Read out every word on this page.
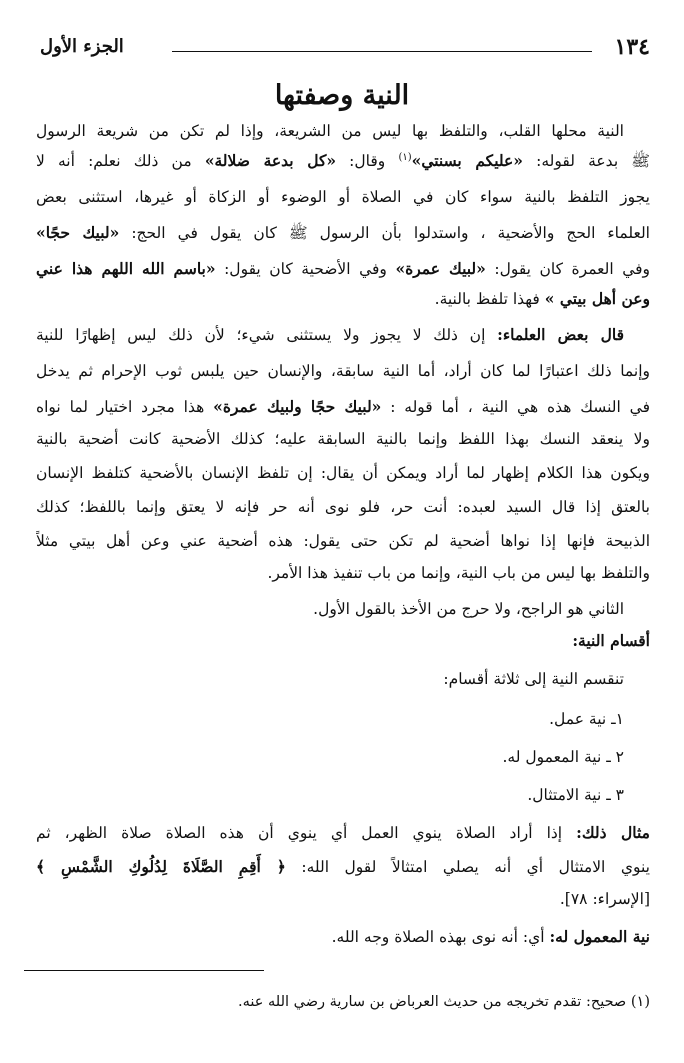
١٣٤
الجزء الأول
النية وصفتها
النية محلها القلب، والتلفظ بها ليس من الشريعة، وإذا لم تكن من شريعة الرسول
ﷺ بدعة لقوله: «عليكم بسنتي»$^{(١)}$ وقال: «كل بدعة ضلالة» من ذلك نعلم: أنه لا
يجوز التلفظ بالنية سواء كان في الصلاة أو الوضوء أو الزكاة أو غيرها، استثنى بعض
العلماء الحج والأضحية ، واستدلوا بأن الرسول ﷺ كان يقول في الحج: «لبيك حجًا»
وفي العمرة كان يقول: «لبيك عمرة» وفي الأضحية كان يقول: «باسم الله اللهم هذا عني
وعن أهل بيتي » فهذا تلفظ بالنية.
قال بعض العلماء: إن ذلك لا يجوز ولا يستثنى شيء؛ لأن ذلك ليس إظهارًا للنية
وإنما ذلك اعتبارًا لما كان أراد، أما النية سابقة، والإنسان حين يلبس ثوب الإحرام ثم يدخل
في النسك هذه هي النية ، أما قوله : «لبيك حجًا ولبيك عمرة» هذا مجرد اختيار لما نواه
ولا ينعقد النسك بهذا اللفظ وإنما بالنية السابقة عليه؛ كذلك الأضحية كانت أضحية بالنية
ويكون هذا الكلام إظهار لما أراد ويمكن أن يقال: إن تلفظ الإنسان بالأضحية كتلفظ الإنسان
بالعتق إذا قال السيد لعبده: أنت حر، فلو نوى أنه حر فإنه لا يعتق وإنما باللفظ؛ كذلك
الذبيحة فإنها إذا نواها أضحية لم تكن حتى يقول: هذه أضحية عني وعن أهل بيتي مثلاً
والتلفظ بها ليس من باب النية، وإنما من باب تنفيذ هذا الأمر.
الثاني هو الراجح، ولا حرج من الأخذ بالقول الأول.
أقسام النية:
تنقسم النية إلى ثلاثة أقسام:
١ـ نية عمل.
٢ ـ نية المعمول له.
٣ ـ نية الامتثال.
مثال ذلك: إذا أراد الصلاة ينوي العمل أي ينوي أن هذه الصلاة صلاة الظهر، ثم
ينوي الامتثال أي أنه يصلي امتثالاً لقول الله: ﴿ أَقِمِ الصَّلَاةَ لِدُلُوكِ الشَّمْسِ ﴾
[الإسراء: ٧٨].
نية المعمول له: أي: أنه نوى بهذه الصلاة وجه الله.
(١) صحيح: تقدم تخريجه من حديث العرباض بن سارية رضي الله عنه.
